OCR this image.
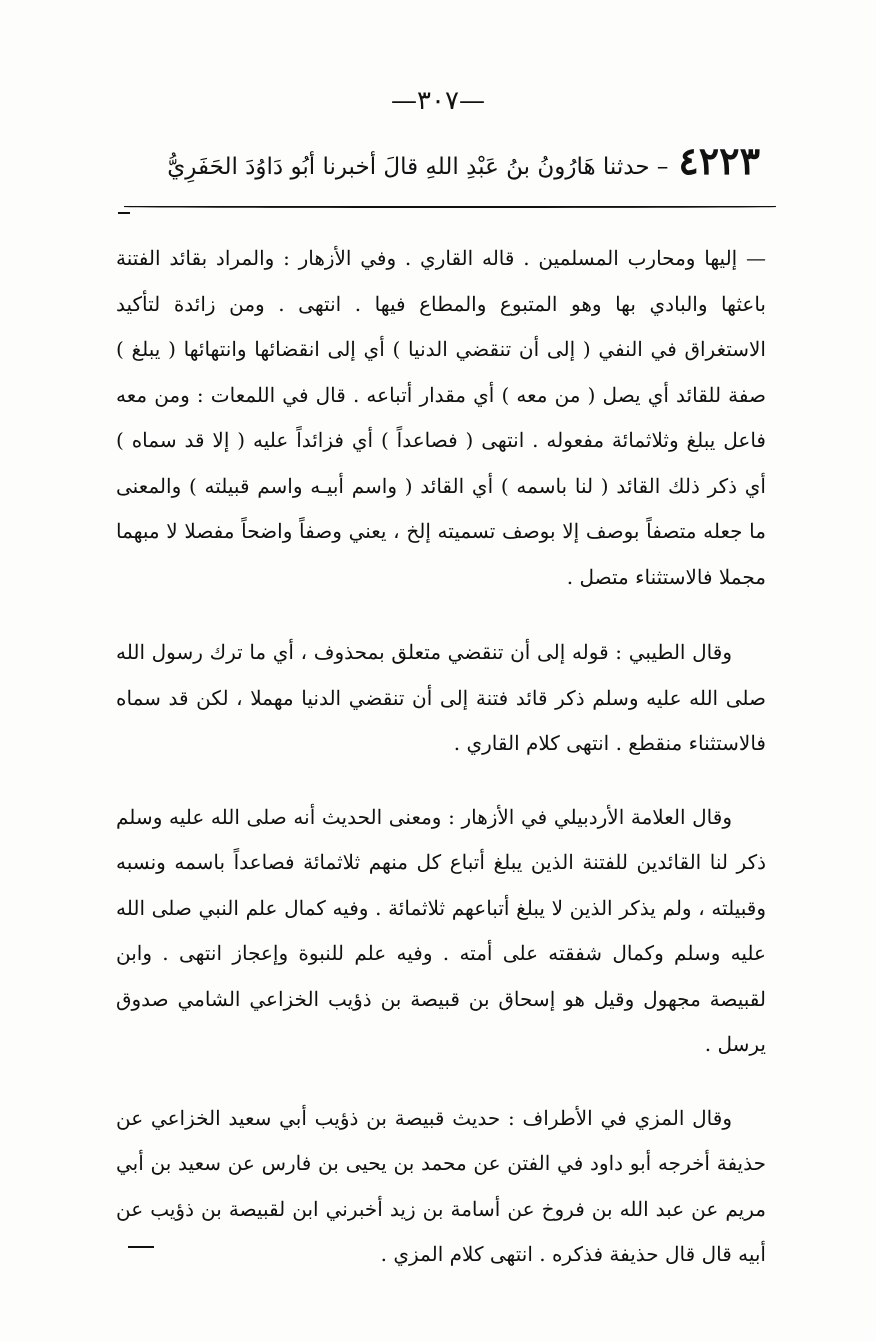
—٣٠٧—
٤٢٢٣
– حدثنا هَارُونُ بنُ عَبْدِ اللهِ قالَ أخبرنا أبُو دَاوُدَ الحَفَرِيُّ

— إليها ومحارب المسلمين . قاله القاري . وفي الأزهار : والمراد بقائد الفتنة باعثها والبادي بها وهو المتبوع والمطاع فيها . انتهى . ومن زائدة لتأكيد الاستغراق في النفي ( إلى أن تنقضي الدنيا ) أي إلى انقضائها وانتهائها ( يبلغ ) صفة للقائد أي يصل ( من معه ) أي مقدار أتباعه . قال في اللمعات : ومن معه فاعل يبلغ وثلاثمائة مفعوله . انتهى ( فصاعداً ) أي فزائداً عليه ( إلا قد سماه ) أي ذكر ذلك القائد ( لنا باسمه ) أي القائد ( واسم أبيـه واسم قبيلته ) والمعنى ما جعله متصفاً بوصف إلا بوصف تسميته إلخ ، يعني وصفاً واضحاً مفصلا لا مبهما مجملا فالاستثناء متصل .

وقال الطيبي : قوله إلى أن تنقضي متعلق بمحذوف ، أي ما ترك رسول الله صلى الله عليه وسلم ذكر قائد فتنة إلى أن تنقضي الدنيا مهملا ، لكن قد سماه فالاستثناء منقطع . انتهى كلام القاري .

وقال العلامة الأردبيلي في الأزهار : ومعنى الحديث أنه صلى الله عليه وسلم ذكر لنا القائدين للفتنة الذين يبلغ أتباع كل منهم ثلاثمائة فصاعداً باسمه ونسبه وقبيلته ، ولم يذكر الذين لا يبلغ أتباعهم ثلاثمائة . وفيه كمال علم النبي صلى الله عليه وسلم وكمال شفقته على أمته . وفيه علم للنبوة وإعجاز انتهى . وابن لقبيصة مجهول وقيل هو إسحاق بن قبيصة بن ذؤيب الخزاعي الشامي صدوق يرسل .

وقال المزي في الأطراف : حديث قبيصة بن ذؤيب أبي سعيد الخزاعي عن حذيفة أخرجه أبو داود في الفتن عن محمد بن يحيى بن فارس عن سعيد بن أبي مريم عن عبد الله بن فروخ عن أسامة بن زيد أخبرني ابن لقبيصة بن ذؤيب عن أبيه قال قال حذيفة فذكره . انتهى كلام المزي .
